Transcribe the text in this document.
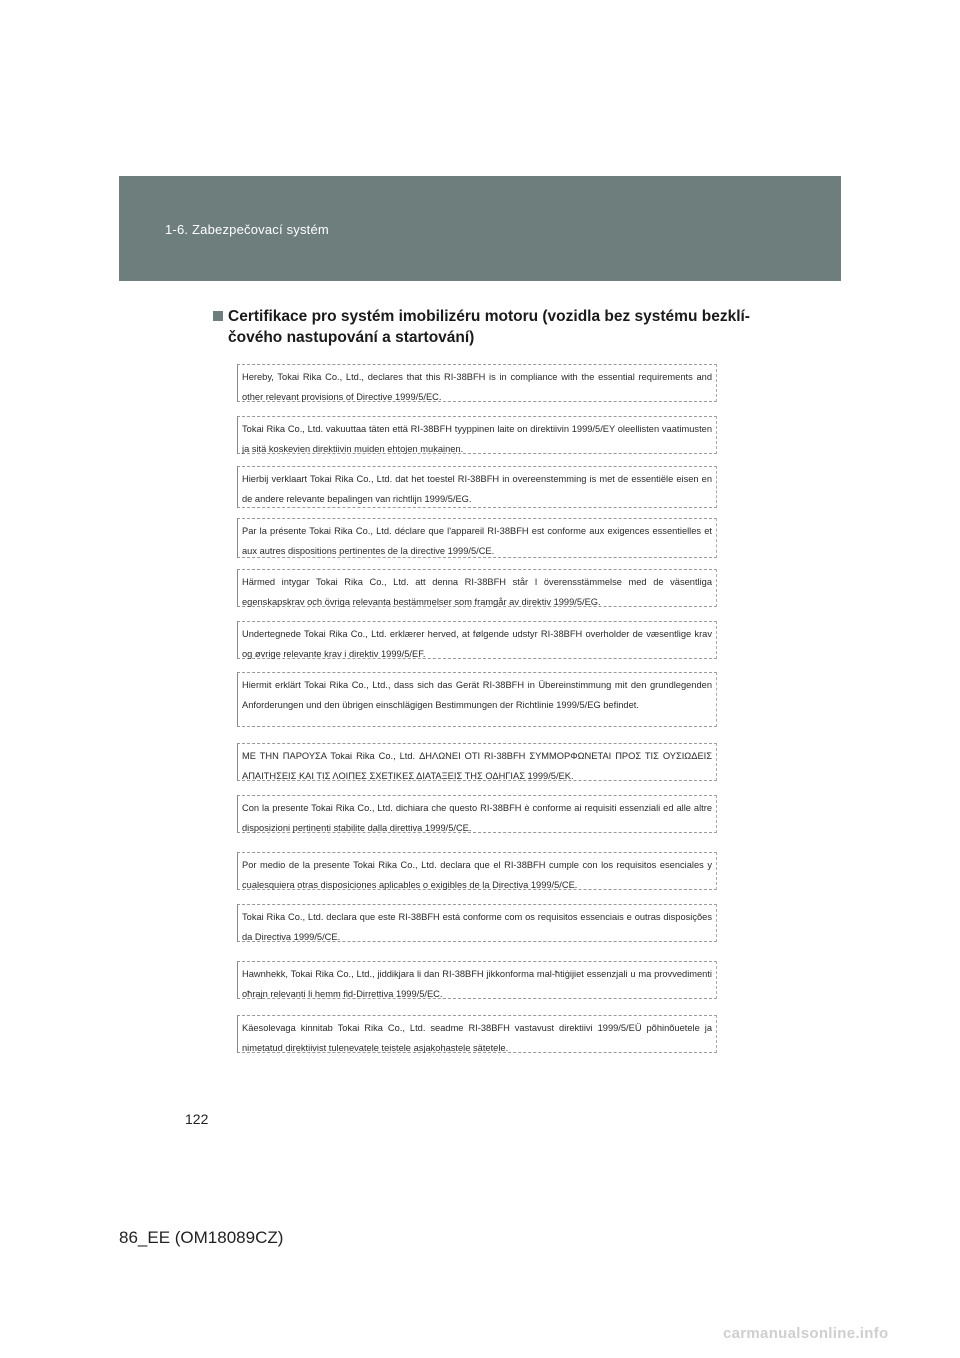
1-6. Zabezpečovací systém
Certifikace pro systém imobilizéru motoru (vozidla bez systému bezklí-
čového nastupování a startování)
Hereby, Tokai Rika Co., Ltd., declares that this RI-38BFH is in compliance with the essential requirements and other relevant provisions of Directive 1999/5/EC.
Tokai Rika Co., Ltd. vakuuttaa täten että RI-38BFH tyyppinen laite on direktiivin 1999/5/EY oleellisten vaatimusten ja sitä koskevien direktiivin muiden ehtojen mukainen.
Hierbij verklaart Tokai Rika Co., Ltd. dat het toestel RI-38BFH in overeenstemming is met de essentiële eisen en de andere relevante bepalingen van richtlijn 1999/5/EG.
Par la présente Tokai Rika Co., Ltd. déclare que l'appareil RI-38BFH est conforme aux exigences essentielles et aux autres dispositions pertinentes de la directive 1999/5/CE.
Härmed intygar Tokai Rika Co., Ltd. att denna RI-38BFH står I överensstämmelse med de väsentliga egenskapskrav och övriga relevanta bestämmelser som framgår av direktiv 1999/5/EG.
Undertegnede Tokai Rika Co., Ltd. erklærer herved, at følgende udstyr RI-38BFH overholder de væsentlige krav og øvrige relevante krav i direktiv 1999/5/EF.
Hiermit erklärt Tokai Rika Co., Ltd., dass sich das Gerät RI-38BFH in Übereinstimmung mit den grundlegenden Anforderungen und den übrigen einschlägigen Bestimmungen der Richtlinie 1999/5/EG befindet.
ΜΕ ΤΗΝ ΠΑΡΟΥΣΑ Tokai Rika Co., Ltd. ΔΗΛΩΝΕΙ ΟΤΙ RI-38BFH ΣΥΜΜΟΡΦΩΝΕΤΑΙ ΠΡΟΣ ΤΙΣ ΟΥΣΙΩΔΕΙΣ ΑΠΑΙΤΗΣΕΙΣ ΚΑΙ ΤΙΣ ΛΟΙΠΕΣ ΣΧΕΤΙΚΕΣ ΔΙΑΤΑΞΕΙΣ ΤΗΣ ΟΔΗΓΙΑΣ 1999/5/ΕΚ.
Con la presente Tokai Rika Co., Ltd. dichiara che questo RI-38BFH è conforme ai requisiti essenziali ed alle altre disposizioni pertinenti stabilite dalla direttiva 1999/5/CE.
Por medio de la presente Tokai Rika Co., Ltd. declara que el RI-38BFH cumple con los requisitos esenciales y cualesquiera otras disposiciones aplicables o exigibles de la Directiva 1999/5/CE.
Tokai Rika Co., Ltd. declara que este RI-38BFH está conforme com os requisitos essenciais e outras disposições da Directiva 1999/5/CE.
Hawnhekk, Tokai Rika Co., Ltd., jiddikjara li dan RI-38BFH jikkonforma mal-ħtiġijiet essenzjali u ma provvedimenti oħrajn relevanti li hemm fid-Dirrettiva 1999/5/EC.
Käesolevaga kinnitab Tokai Rika Co., Ltd. seadme RI-38BFH vastavust direktiivi 1999/5/EÜ põhinõuetele ja nimetatud direktiivist tulenevatele teistele asjakohastele sätetele.
122
86_EE (OM18089CZ)
carmanualsonline.info
